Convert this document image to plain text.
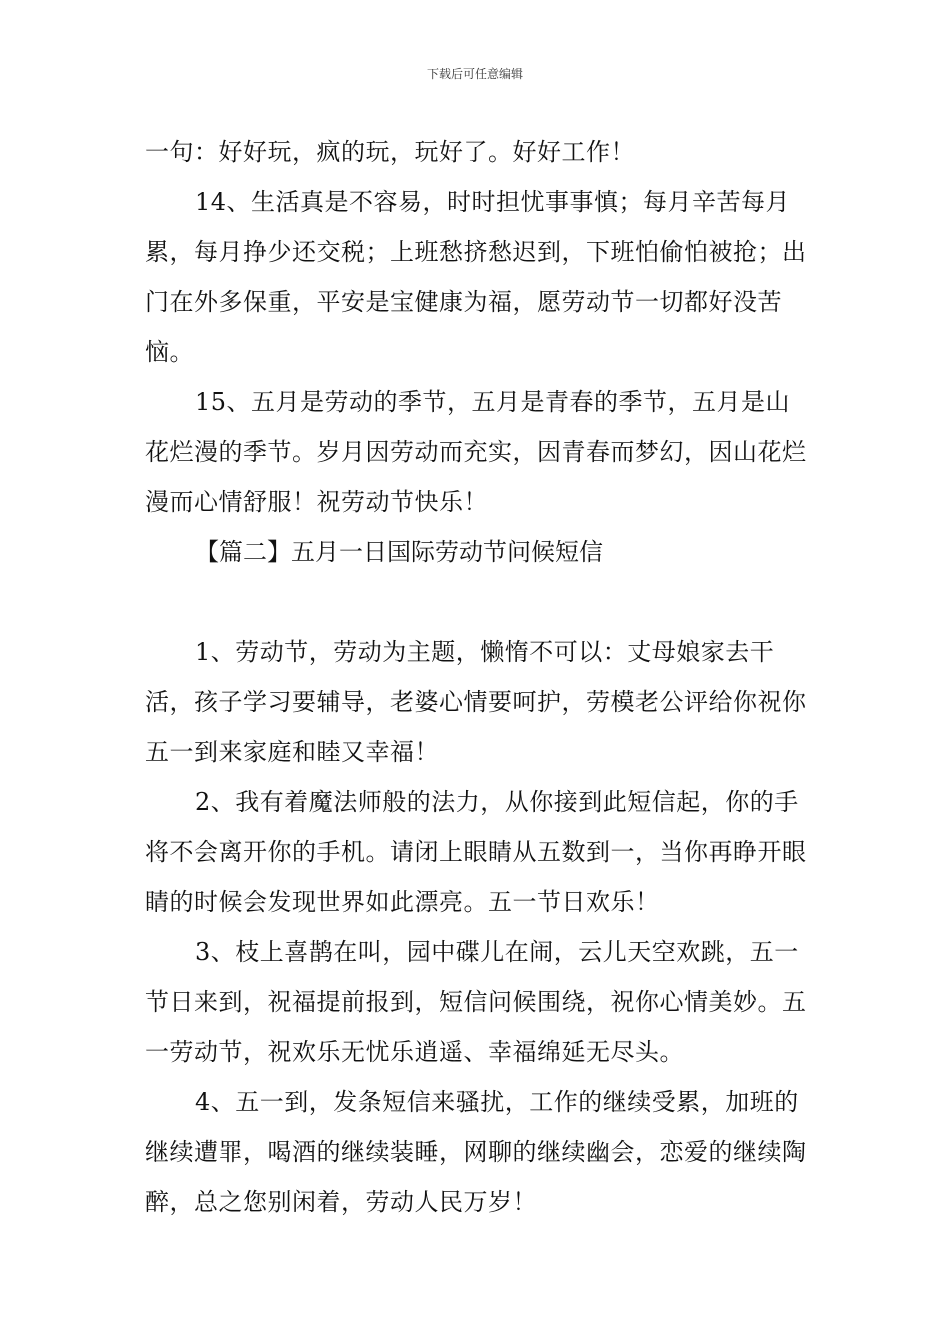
下载后可任意编辑

一句：好好玩，疯的玩，玩好了。好好工作！

14、生活真是不容易，时时担忧事事慎；每月辛苦每月累，每月挣少还交税；上班愁挤愁迟到，下班怕偷怕被抢；出门在外多保重，平安是宝健康为福，愿劳动节一切都好没苦恼。

15、五月是劳动的季节，五月是青春的季节，五月是山花烂漫的季节。岁月因劳动而充实，因青春而梦幻，因山花烂漫而心情舒服！祝劳动节快乐！

【篇二】五月一日国际劳动节问候短信

1、劳动节，劳动为主题，懒惰不可以：丈母娘家去干活，孩子学习要辅导，老婆心情要呵护，劳模老公评给你祝你五一到来家庭和睦又幸福！

2、我有着魔法师般的法力，从你接到此短信起，你的手将不会离开你的手机。请闭上眼睛从五数到一，当你再睁开眼睛的时候会发现世界如此漂亮。五一节日欢乐！

3、枝上喜鹊在叫，园中碟儿在闹，云儿天空欢跳，五一节日来到，祝福提前报到，短信问候围绕，祝你心情美妙。五一劳动节，祝欢乐无忧乐逍遥、幸福绵延无尽头。

4、五一到，发条短信来骚扰，工作的继续受累，加班的继续遭罪，喝酒的继续装睡，网聊的继续幽会，恋爱的继续陶醉，总之您别闲着，劳动人民万岁！
